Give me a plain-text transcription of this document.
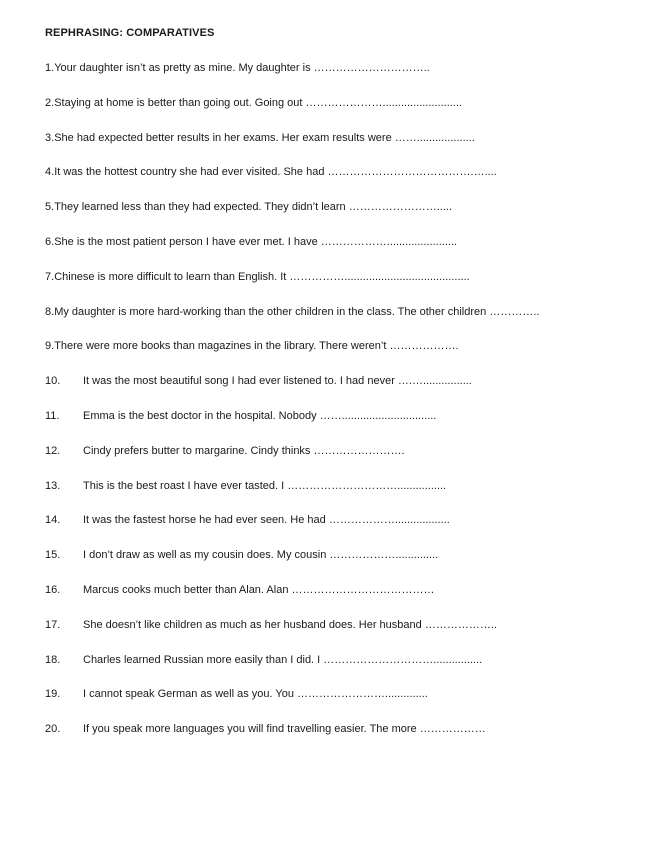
REPHRASING: COMPARATIVES
1.Your daughter isn’t as pretty as mine. My daughter is …………………………..
2.Staying at home is better than going out. Going out …………………..........................
3.She had expected better results in her exams. Her exam results were ……...................
4.It was the hottest country she had ever visited. She had ………………………………….…....
5.They learned less than they had expected. They didn’t learn …………………….....
6.She is the most patient person I have ever met. I have ……………….......................
7.Chinese is more difficult to learn than English. It …………….........................................
8.My daughter is more hard-working than the other children in the class. The other children …………..
9.There were more books than magazines in the library. There weren’t ……………….
10. It was the most beautiful song I had ever listened to. I had never ….…................
11. Emma is the best doctor in the hospital. Nobody ……...............................
12. Cindy prefers butter to margarine. Cindy thinks …………………….
13. This is the best roast I have ever tasted. I …………………………................
14. It was the fastest horse he had ever seen. He had ………………..................
15. I don’t draw as well as my cousin does. My cousin ………………..............
16. Marcus cooks much better than Alan. Alan …………………………………
17. She doesn’t like children as much as her husband does. Her husband ………………..
18. Charles learned Russian more easily than I did. I …………………………................
19. I cannot speak German as well as you. You ……………………..............
20. If you speak more languages you will find travelling easier. The more ………………
